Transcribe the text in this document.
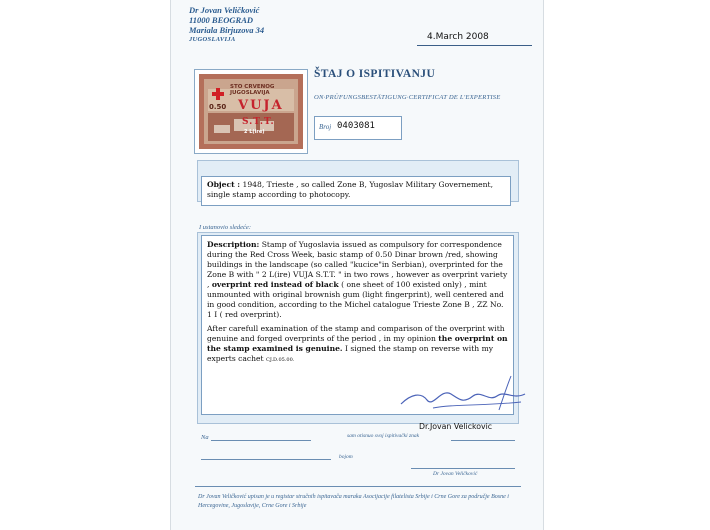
Dr Jovan Veličković
11000 BEOGRAD
Mariala Birjuzova 34
JUGOSLAVIJA	4.March 2008
STO CRVENOG
JUGOSLAVIJA
0.50 VUJA
S.T.T.
2 L(ire)
ŠTAJ O ISPITIVANJU
ON·PRÜFUNGSBESTÄTIGUNG·CERTIFICAT DE L'EXPERTISE
Broj 0403081
Object : 1948, Trieste , so called Zone B, Yugoslav Military Governement, single stamp according to photocopy.
I ustanovio sledeće:

Description: Stamp of Yugoslavia issued as compulsory for correspondence during the Red Cross Week, basic stamp of 0.50 Dinar brown /red, showing buildings in the landscape (so called "kucice"in Serbian), overprinted for the Zone B with " 2 L(ire) VUJA S.T.T. " in two rows , however as overprint variety , overprint red instead of black ( one sheet of 100 existed only) , mint unmounted with original brownish gum (light fingerprint), well centered and in good condition, according to the Michel catalogue Trieste Zone B , ZZ No. 1 I ( red overprint).

After carefull examination of the stamp and comparison of the overprint with genuine and forged overprints of the period , in my opinion the overprint on the stamp examined is genuine. I signed the stamp on reverse with my experts cachet CJ.D.05.00.

Dr.Jovan Velickovic
Na	sam otisnuo svoj ispitivački znak
bojom
Dr Jovan Veličković
Dr Jovan Veličković upisan je u registar stručnih ispitavača maraka Asocijacije filatelista Srbije i Crne Gore za područje Bosne i Hercegovine, Jugoslavije, Crne Gore i Srbije
